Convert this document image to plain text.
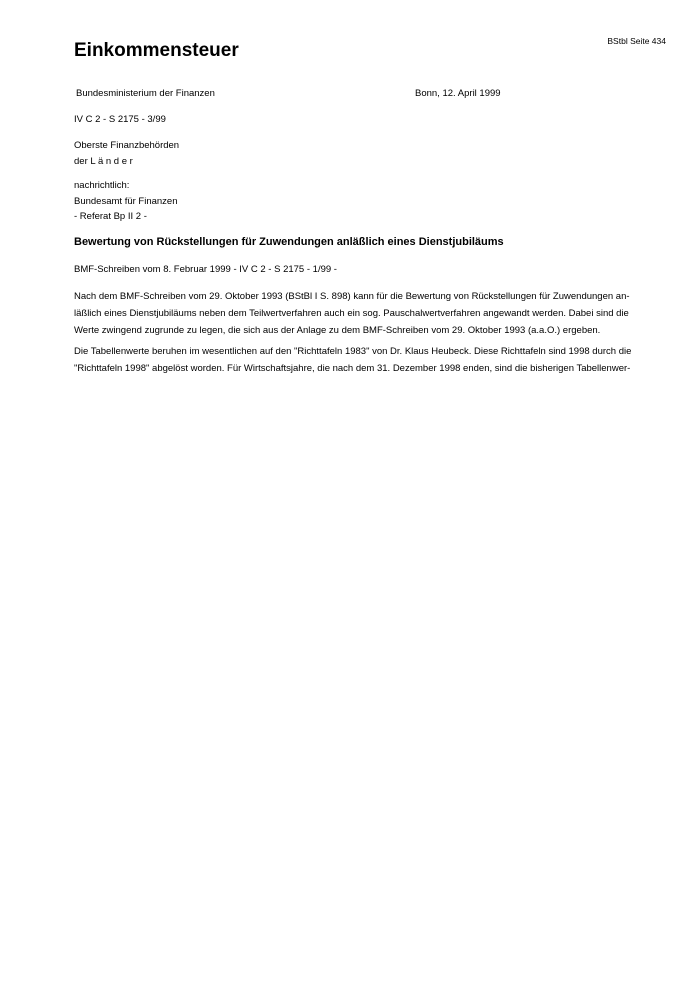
BStbl Seite 434
Einkommensteuer
Bundesministerium der Finanzen	Bonn, 12. April 1999
IV C 2 - S 2175 - 3/99
Oberste Finanzbehörden
der L ä n d e r
nachrichtlich:
Bundesamt für Finanzen
- Referat Bp II 2 -
Bewertung von Rückstellungen für Zuwendungen anläßlich eines Dienstjubiläums
BMF-Schreiben vom 8. Februar 1999 - IV C 2 - S 2175 - 1/99 -
Nach dem BMF-Schreiben vom 29. Oktober 1993 (BStBl I S. 898) kann für die Bewertung von Rückstellungen für Zuwendungen an-
läßlich eines Dienstjubiläums neben dem Teilwertverfahren auch ein sog. Pauschalwertverfahren angewandt werden. Dabei sind die
Werte zwingend zugrunde zu legen, die sich aus der Anlage zu dem BMF-Schreiben vom 29. Oktober 1993 (a.a.O.) ergeben.
Die Tabellenwerte beruhen im wesentlichen auf den "Richttafeln 1983" von Dr. Klaus Heubeck. Diese Richttafeln sind 1998 durch die
"Richttafeln 1998" abgelöst worden. Für Wirtschaftsjahre, die nach dem 31. Dezember 1998 enden, sind die bisherigen Tabellenwer-
